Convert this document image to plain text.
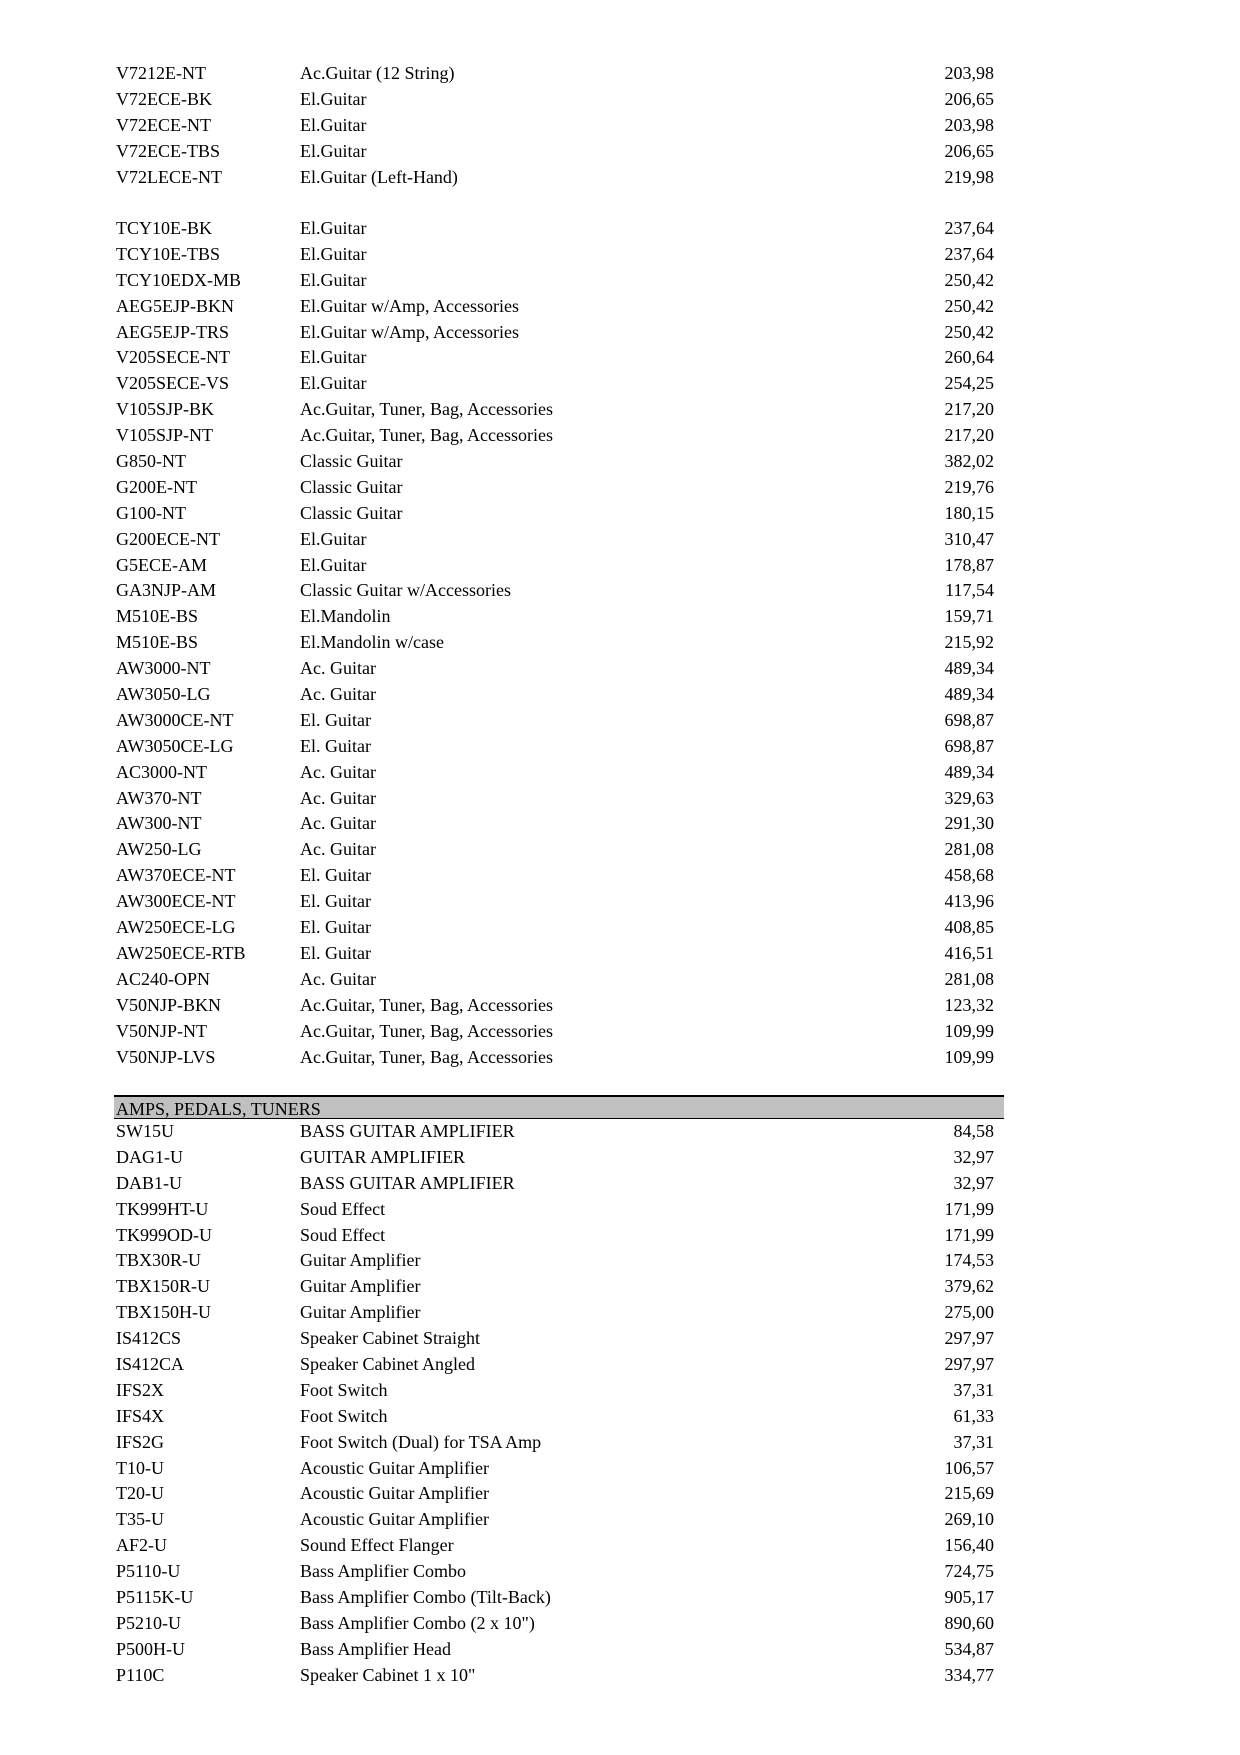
V7212E-NT	Ac.Guitar (12 String)	203,98
V72ECE-BK	El.Guitar	206,65
V72ECE-NT	El.Guitar	203,98
V72ECE-TBS	El.Guitar	206,65
V72LECE-NT	El.Guitar (Left-Hand)	219,98
TCY10E-BK	El.Guitar	237,64
TCY10E-TBS	El.Guitar	237,64
TCY10EDX-MB	El.Guitar	250,42
AEG5EJP-BKN	El.Guitar w/Amp, Accessories	250,42
AEG5EJP-TRS	El.Guitar w/Amp, Accessories	250,42
V205SECE-NT	El.Guitar	260,64
V205SECE-VS	El.Guitar	254,25
V105SJP-BK	Ac.Guitar, Tuner, Bag, Accessories	217,20
V105SJP-NT	Ac.Guitar, Tuner, Bag, Accessories	217,20
G850-NT	Classic Guitar	382,02
G200E-NT	Classic Guitar	219,76
G100-NT	Classic Guitar	180,15
G200ECE-NT	El.Guitar	310,47
G5ECE-AM	El.Guitar	178,87
GA3NJP-AM	Classic Guitar w/Accessories	117,54
M510E-BS	El.Mandolin	159,71
M510E-BS	El.Mandolin w/case	215,92
AW3000-NT	Ac. Guitar	489,34
AW3050-LG	Ac. Guitar	489,34
AW3000CE-NT	El. Guitar	698,87
AW3050CE-LG	El. Guitar	698,87
AC3000-NT	Ac. Guitar	489,34
AW370-NT	Ac. Guitar	329,63
AW300-NT	Ac. Guitar	291,30
AW250-LG	Ac. Guitar	281,08
AW370ECE-NT	El. Guitar	458,68
AW300ECE-NT	El. Guitar	413,96
AW250ECE-LG	El. Guitar	408,85
AW250ECE-RTB	El. Guitar	416,51
AC240-OPN	Ac. Guitar	281,08
V50NJP-BKN	Ac.Guitar, Tuner, Bag, Accessories	123,32
V50NJP-NT	Ac.Guitar, Tuner, Bag, Accessories	109,99
V50NJP-LVS	Ac.Guitar, Tuner, Bag, Accessories	109,99
AMPS, PEDALS, TUNERS
SW15U	BASS GUITAR AMPLIFIER	84,58
DAG1-U	GUITAR AMPLIFIER	32,97
DAB1-U	BASS GUITAR AMPLIFIER	32,97
TK999HT-U	Soud Effect	171,99
TK999OD-U	Soud Effect	171,99
TBX30R-U	Guitar Amplifier	174,53
TBX150R-U	Guitar Amplifier	379,62
TBX150H-U	Guitar Amplifier	275,00
IS412CS	Speaker Cabinet Straight	297,97
IS412CA	Speaker Cabinet Angled	297,97
IFS2X	Foot Switch	37,31
IFS4X	Foot Switch	61,33
IFS2G	Foot Switch (Dual) for TSA Amp	37,31
T10-U	Acoustic Guitar Amplifier	106,57
T20-U	Acoustic Guitar Amplifier	215,69
T35-U	Acoustic Guitar Amplifier	269,10
AF2-U	Sound Effect Flanger	156,40
P5110-U	Bass Amplifier Combo	724,75
P5115K-U	Bass Amplifier Combo (Tilt-Back)	905,17
P5210-U	Bass Amplifier Combo (2 x 10")	890,60
P500H-U	Bass Amplifier Head	534,87
P110C	Speaker Cabinet 1 x 10"	334,77
